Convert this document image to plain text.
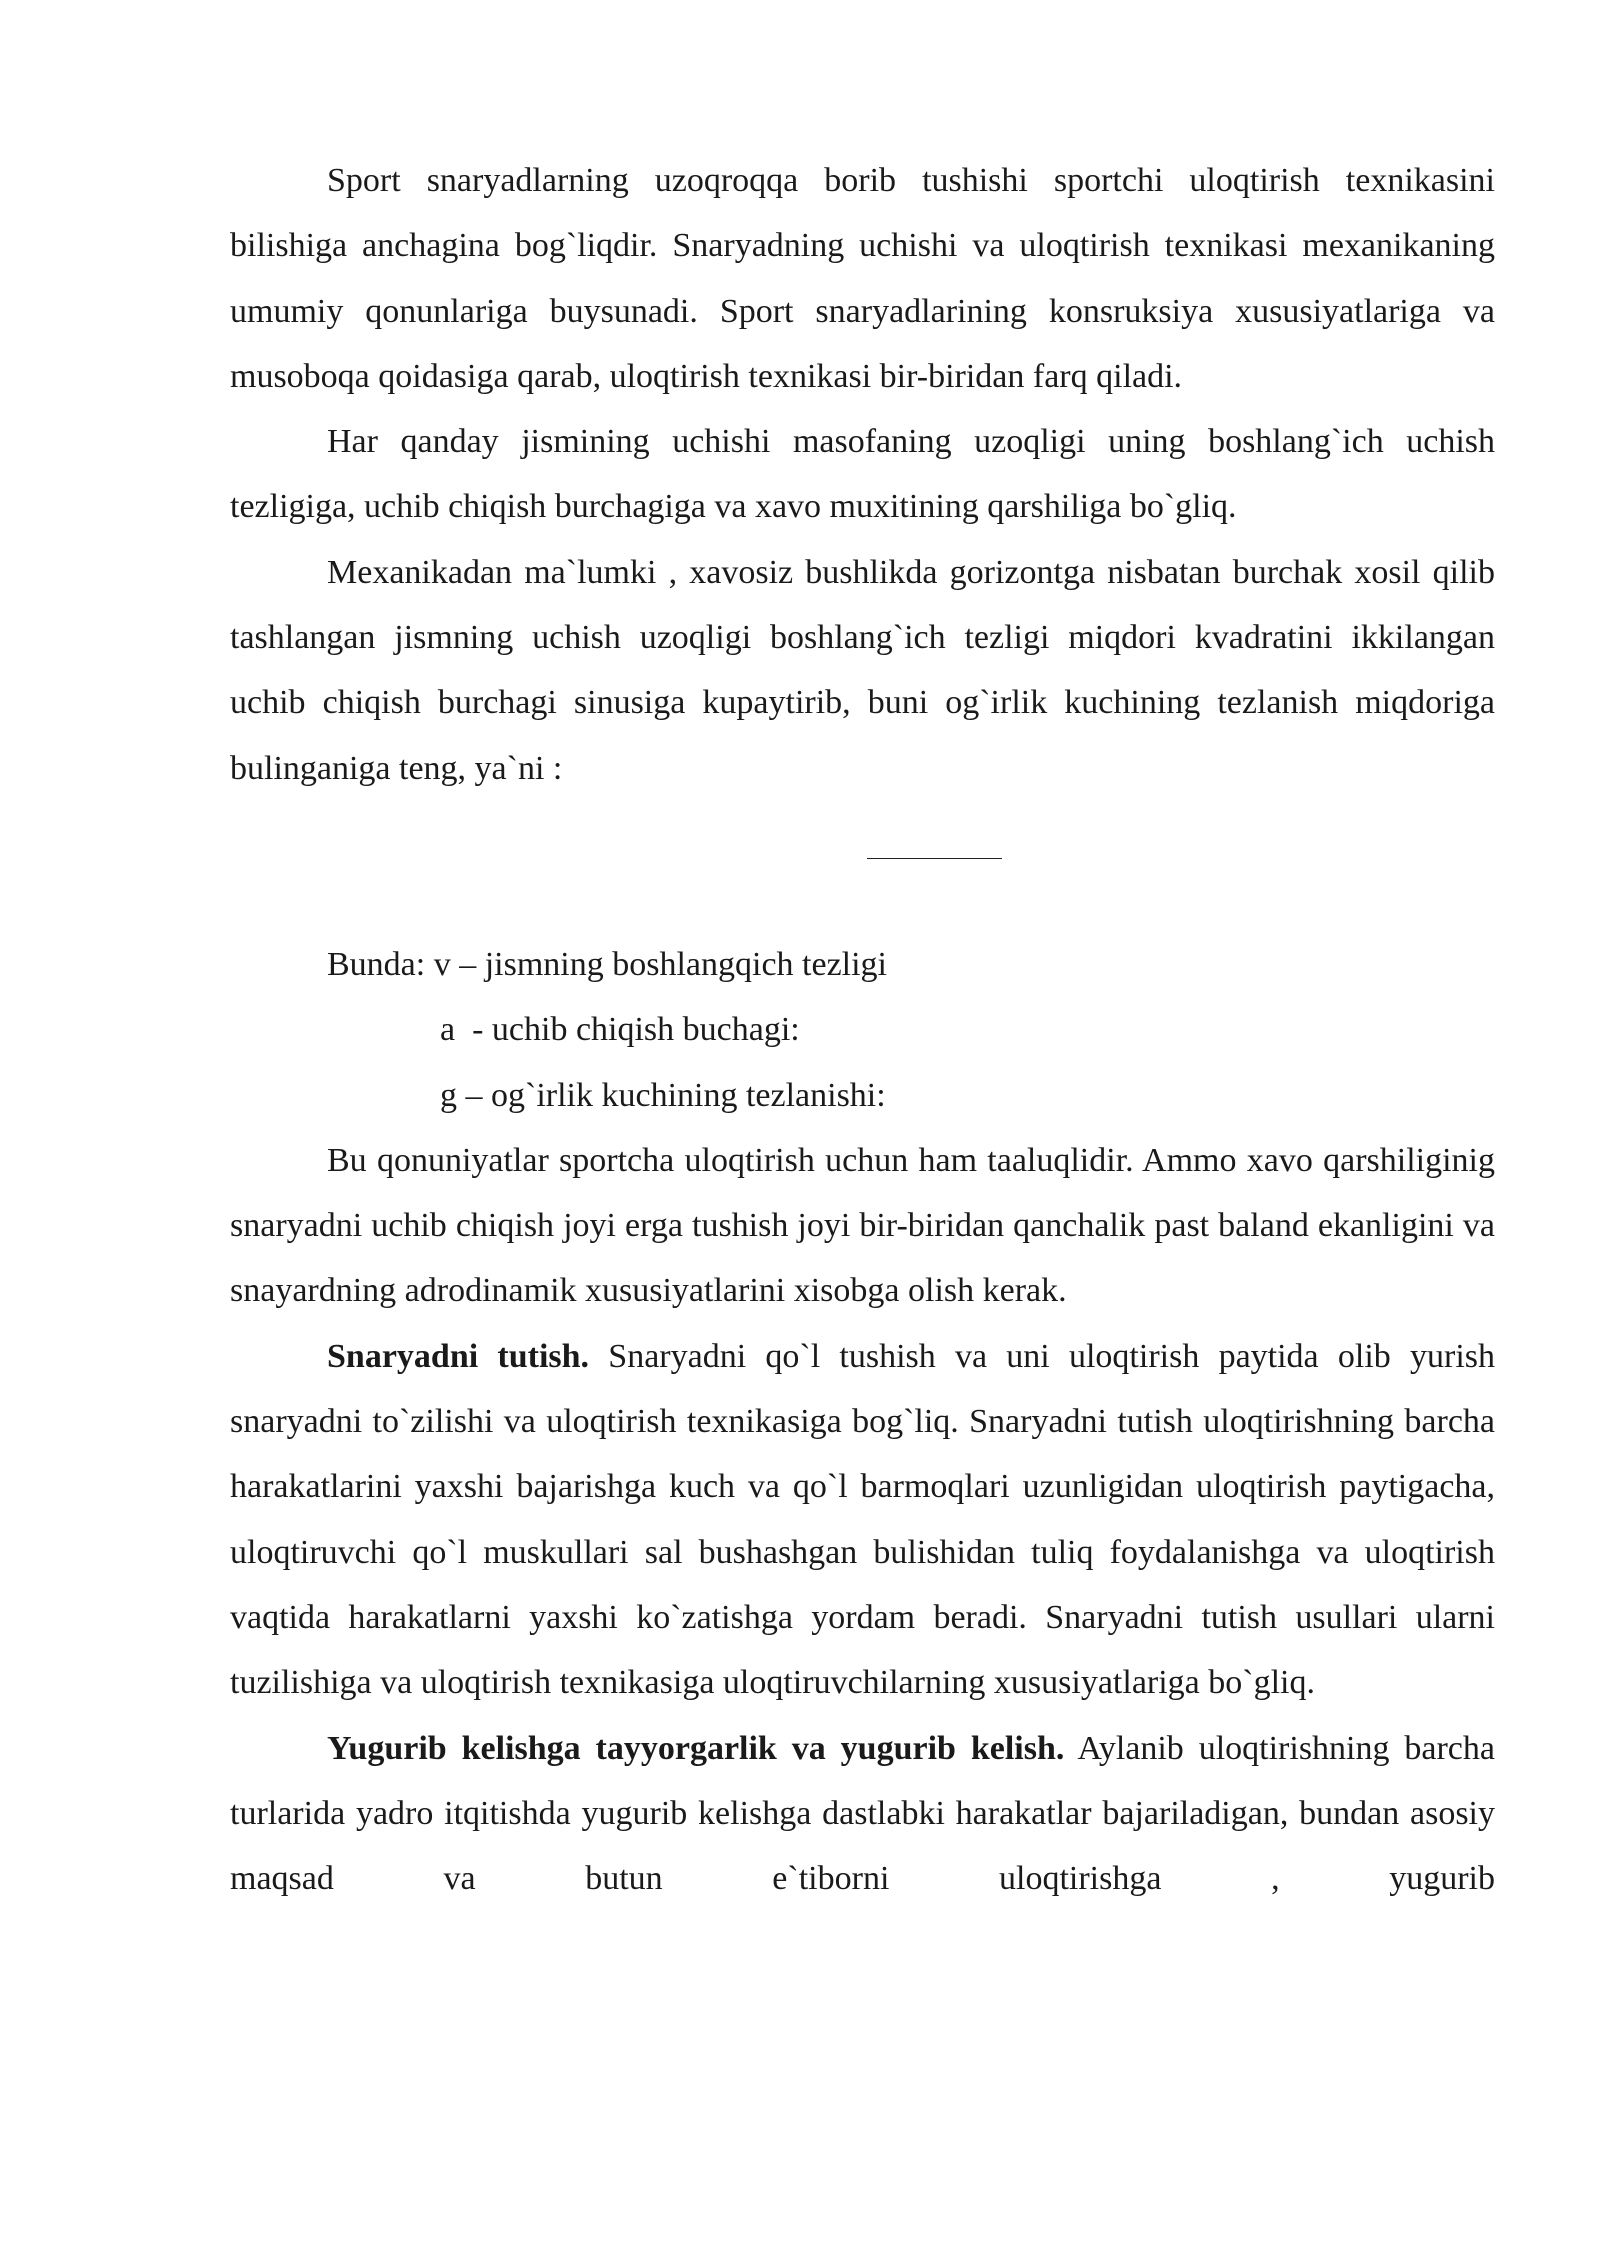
Sport snaryadlarning uzoqroqqa borib tushishi sportchi uloqtirish texnikasini bilishiga anchagina bog`liqdir. Snaryadning uchishi va uloqtirish texnikasi mexanikaning umumiy qonunlariga buysunadi. Sport snaryadlarining konsruksiya xususiyatlariga va musoboqa qoidasiga qarab, uloqtirish texnikasi bir-biridan farq qiladi.

Har qanday jismining uchishi masofaning uzoqligi uning boshlang`ich uchish tezligiga, uchib chiqish burchagiga va xavo muxitining qarshiliga bo`gliq.

Mexanikadan ma`lumki , xavosiz bushlikda gorizontga nisbatan burchak xosil qilib tashlangan jismning uchish uzoqligi boshlang`ich tezligi miqdori kvadratini ikkilangan uchib chiqish burchagi sinusiga kupaytirib, buni og`irlik kuchining tezlanish miqdoriga bulinganiga teng, ya`ni :

Bunda: v – jismning boshlangqich tezligi

a  - uchib chiqish buchagi:

g – og`irlik kuchining tezlanishi:

Bu qonuniyatlar sportcha uloqtirish uchun ham taaluqlidir. Ammo xavo qarshiliginig snaryadni uchib chiqish joyi erga tushish joyi bir-biridan qanchalik past baland ekanligini va snayardning adrodinamik xususiyatlarini xisobga olish kerak.

Snaryadni tutish. Snaryadni qo`l tushish va uni uloqtirish paytida olib yurish snaryadni to`zilishi va uloqtirish texnikasiga bog`liq. Snaryadni tutish uloqtirishning barcha harakatlarini yaxshi bajarishga kuch va qo`l barmoqlari uzunligidan uloqtirish paytigacha, uloqtiruvchi qo`l muskullari sal bushashgan bulishidan tuliq foydalanishga va uloqtirish vaqtida harakatlarni yaxshi ko`zatishga yordam beradi. Snaryadni tutish usullari ularni tuzilishiga va uloqtirish texnikasiga uloqtiruvchilarning xususiyatlariga bo`gliq.

Yugurib kelishga tayyorgarlik va yugurib kelish. Aylanib uloqtirishning barcha turlarida yadro itqitishda yugurib kelishga dastlabki harakatlar bajariladigan, bundan asosiy maqsad va butun e`tiborni uloqtirishga , yugurib
